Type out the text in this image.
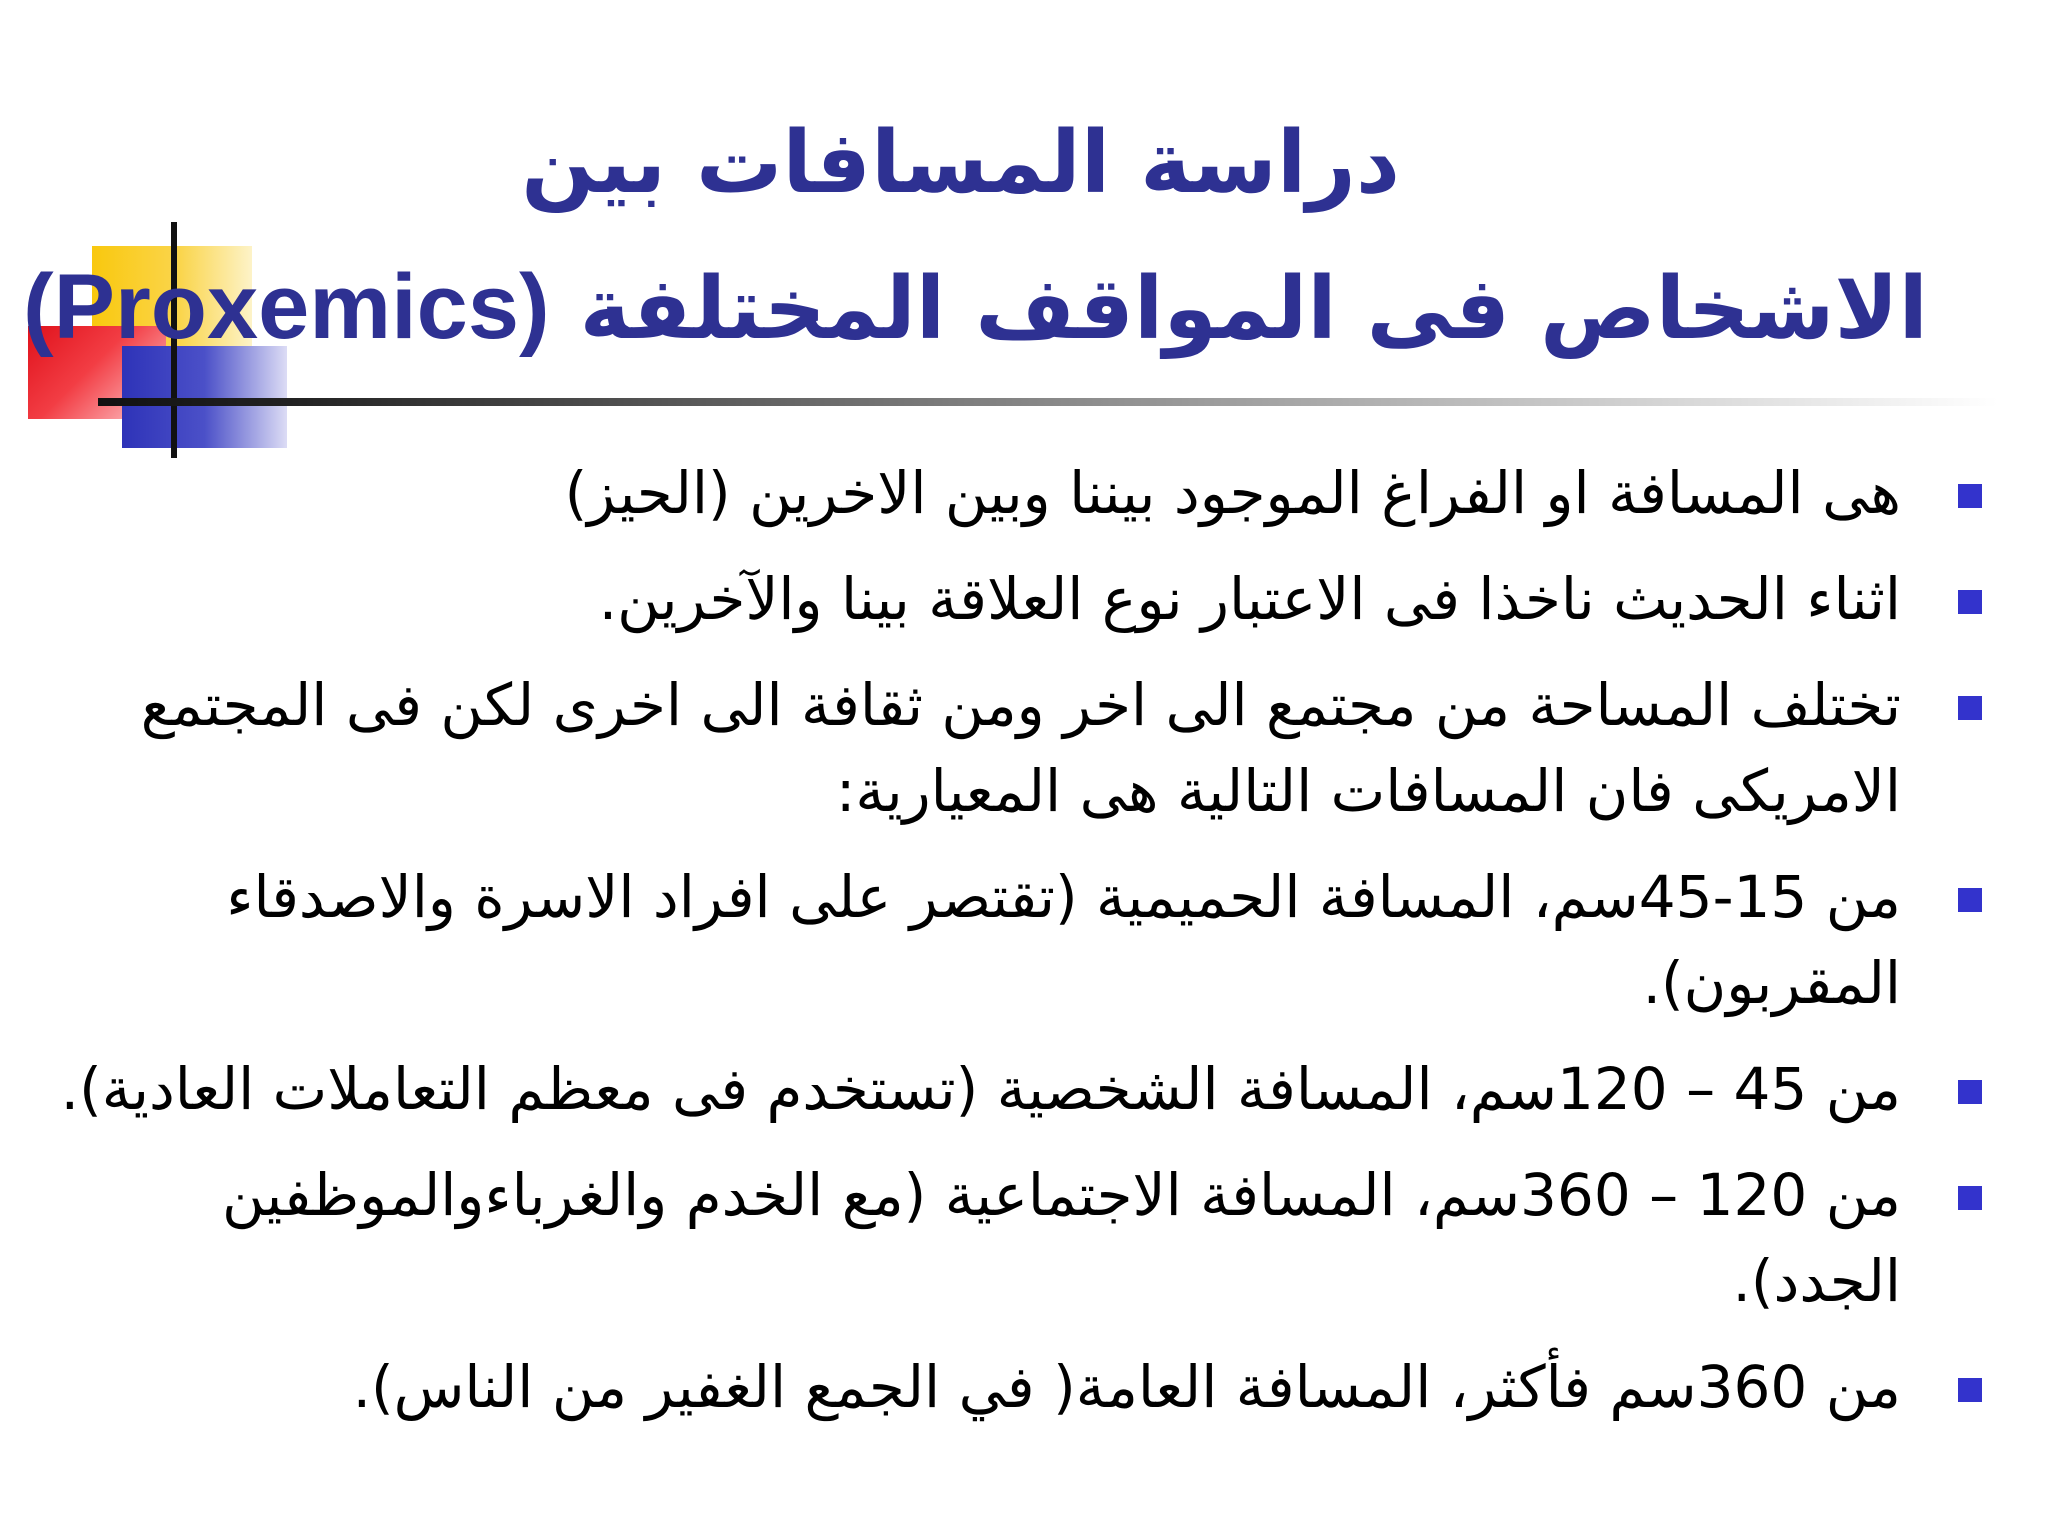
دراسة المسافات بين
الاشخاص فى المواقف المختلفة (Proxemics)
هى المسافة او الفراغ الموجود بيننا وبين الاخرين (الحيز)
اثناء الحديث ناخذا فى الاعتبار نوع العلاقة بينا والآخرين.
تختلف المساحة من مجتمع الى اخر ومن ثقافة الى اخرى لكن فى المجتمع الامريكى فان المسافات التالية هى المعيارية:
من 15-45سم، المسافة الحميمية (تقتصر على افراد الاسرة والاصدقاء المقربون).
من 45 – 120سم، المسافة الشخصية (تستخدم فى معظم التعاملات العادية).
من 120 – 360سم، المسافة الاجتماعية (مع الخدم والغرباءوالموظفين الجدد).
من 360سم فأكثر، المسافة العامة( في الجمع الغفير من الناس).
